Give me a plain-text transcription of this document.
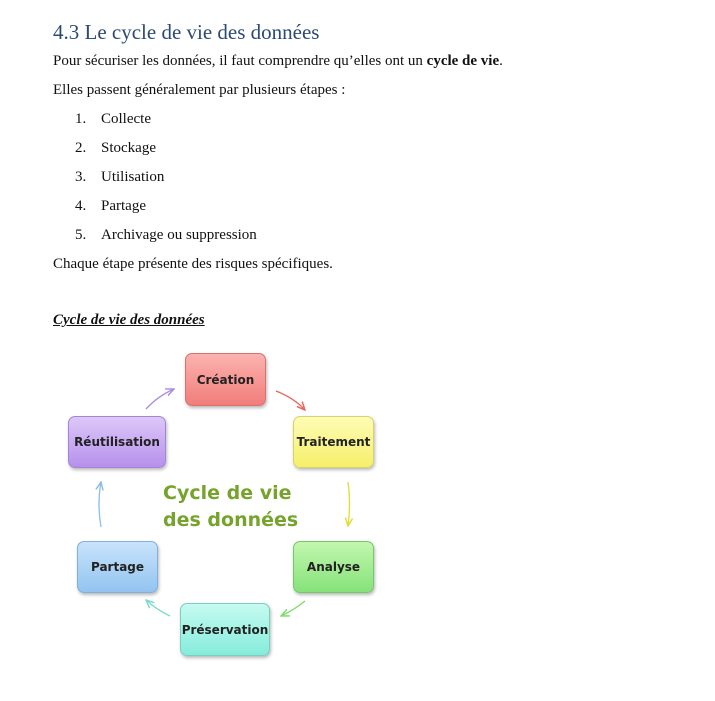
4.3 Le cycle de vie des données

Pour sécuriser les données, il faut comprendre qu’elles ont un cycle de vie.

Elles passent généralement par plusieurs étapes :

1. Collecte
2. Stockage
3. Utilisation
4. Partage
5. Archivage ou suppression

Chaque étape présente des risques spécifiques.

Cycle de vie des données

Création
Traitement
Analyse
Préservation
Partage
Réutilisation
Cycle de vie
des données
